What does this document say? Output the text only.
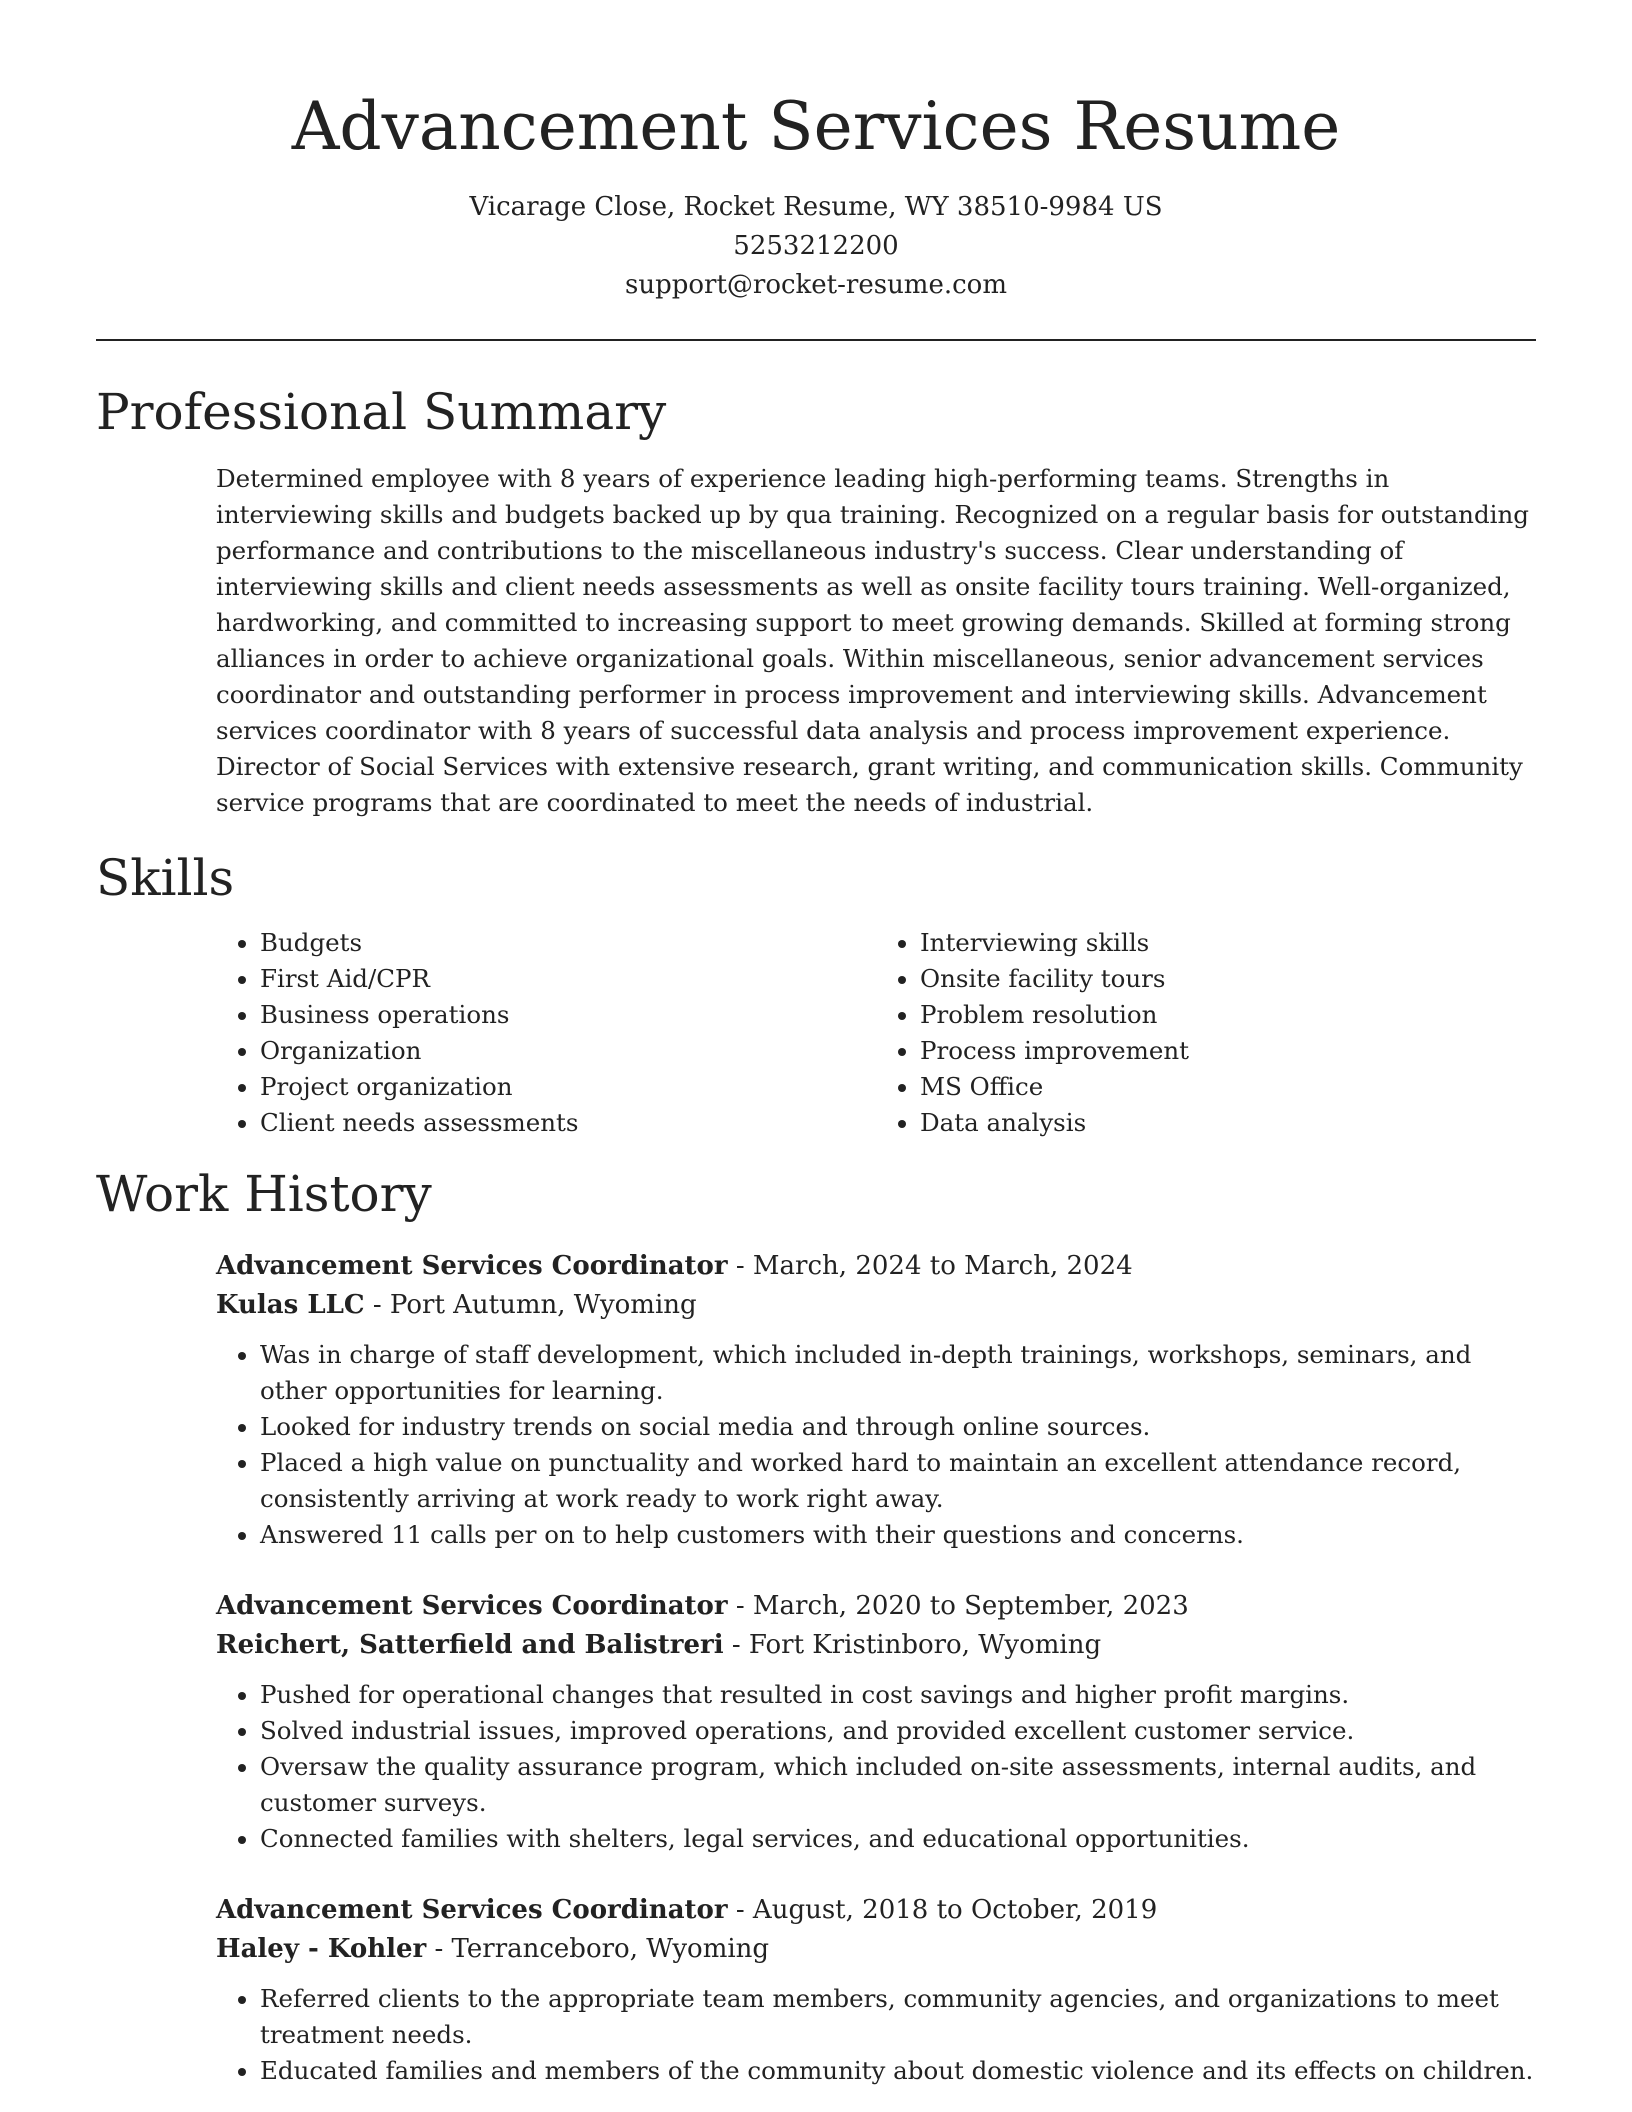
Advancement Services Resume
Vicarage Close, Rocket Resume, WY 38510-9984 US
5253212200
support@rocket-resume.com
Professional Summary

Determined employee with 8 years of experience leading high-performing teams. Strengths in interviewing skills and budgets backed up by qua training. Recognized on a regular basis for outstanding performance and contributions to the miscellaneous industry's success. Clear understanding of interviewing skills and client needs assessments as well as onsite facility tours training. Well-organized, hardworking, and committed to increasing support to meet growing demands. Skilled at forming strong alliances in order to achieve organizational goals. Within miscellaneous, senior advancement services coordinator and outstanding performer in process improvement and interviewing skills. Advancement services coordinator with 8 years of successful data analysis and process improvement experience. Director of Social Services with extensive research, grant writing, and communication skills. Community service programs that are coordinated to meet the needs of industrial.

Skills
• Budgets
• First Aid/CPR
• Business operations
• Organization
• Project organization
• Client needs assessments
• Interviewing skills
• Onsite facility tours
• Problem resolution
• Process improvement
• MS Office
• Data analysis
Work History
Advancement Services Coordinator - March, 2024 to March, 2024
Kulas LLC - Port Autumn, Wyoming
• Was in charge of staff development, which included in-depth trainings, workshops, seminars, and other opportunities for learning.
• Looked for industry trends on social media and through online sources.
• Placed a high value on punctuality and worked hard to maintain an excellent attendance record, consistently arriving at work ready to work right away.
• Answered 11 calls per on to help customers with their questions and concerns.
Advancement Services Coordinator - March, 2020 to September, 2023
Reichert, Satterfield and Balistreri - Fort Kristinboro, Wyoming
• Pushed for operational changes that resulted in cost savings and higher profit margins.
• Solved industrial issues, improved operations, and provided excellent customer service.
• Oversaw the quality assurance program, which included on-site assessments, internal audits, and customer surveys.
• Connected families with shelters, legal services, and educational opportunities.
Advancement Services Coordinator - August, 2018 to October, 2019
Haley - Kohler - Terranceboro, Wyoming
• Referred clients to the appropriate team members, community agencies, and organizations to meet treatment needs.
• Educated families and members of the community about domestic violence and its effects on children.
